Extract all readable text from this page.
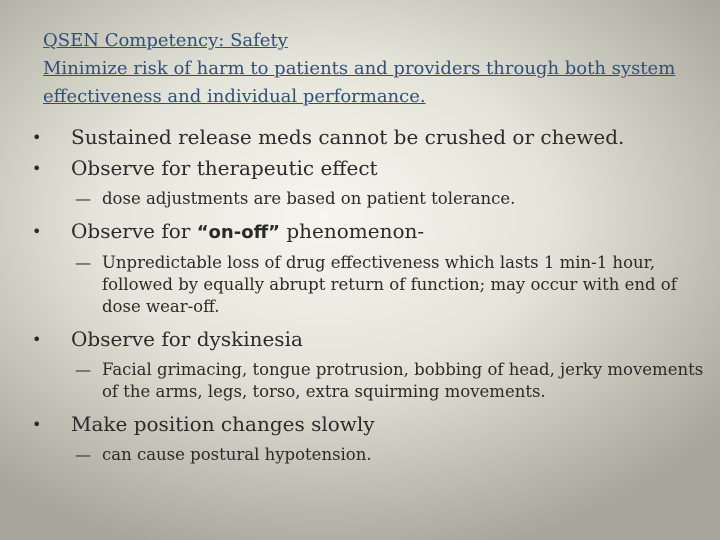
QSEN Competency: Safety
Minimize risk of harm to patients and providers through both system effectiveness and individual performance.
• Sustained release meds cannot be crushed or chewed.
• Observe for therapeutic effect
— dose adjustments are based on patient tolerance.
• Observe for “on-off” phenomenon-
— Unpredictable loss of drug effectiveness which lasts 1 min-1 hour, followed by equally abrupt return of function; may occur with end of dose wear-off.
• Observe for dyskinesia
— Facial grimacing, tongue protrusion, bobbing of head, jerky movements of the arms, legs, torso, extra squirming movements.
• Make position changes slowly
— can cause postural hypotension.
